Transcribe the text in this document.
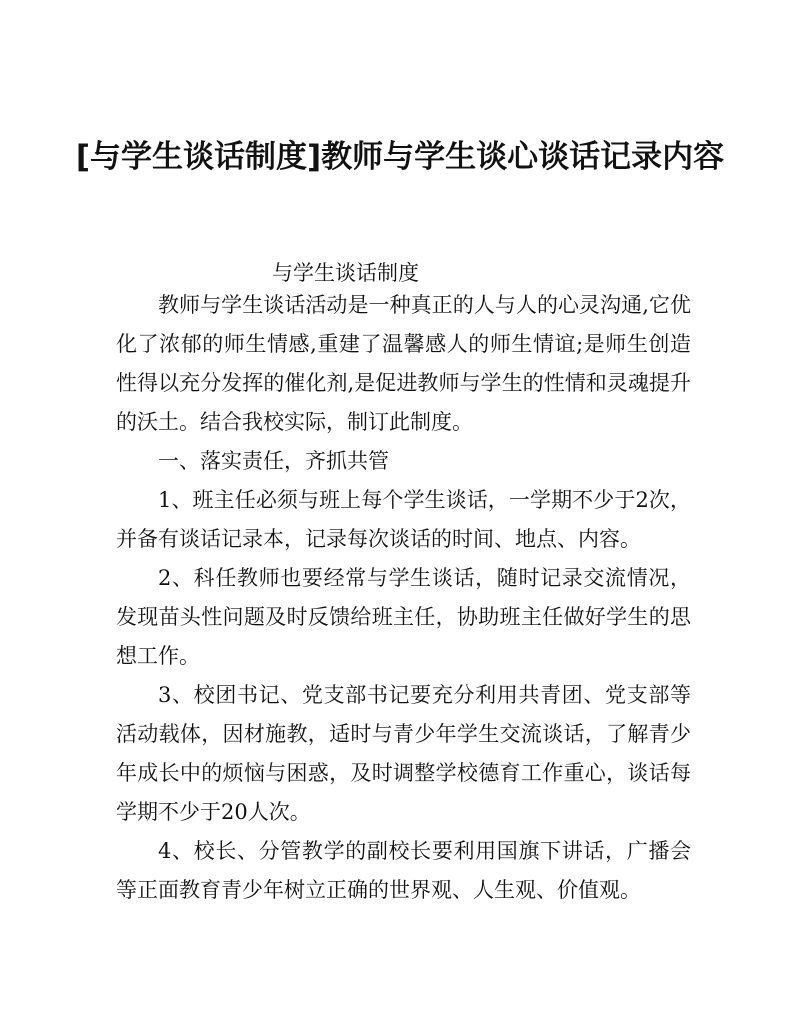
[与学生谈话制度]教师与学生谈心谈话记录内容

与学生谈话制度

教师与学生谈话活动是一种真正的人与人的心灵沟通,它优化了浓郁的师生情感,重建了温馨感人的师生情谊;是师生创造性得以充分发挥的催化剂,是促进教师与学生的性情和灵魂提升的沃土。结合我校实际，制订此制度。

一、落实责任，齐抓共管

1、班主任必须与班上每个学生谈话，一学期不少于2次，并备有谈话记录本，记录每次谈话的时间、地点、内容。

2、科任教师也要经常与学生谈话，随时记录交流情况，发现苗头性问题及时反馈给班主任，协助班主任做好学生的思想工作。

3、校团书记、党支部书记要充分利用共青团、党支部等活动载体，因材施教，适时与青少年学生交流谈话，了解青少年成长中的烦恼与困惑，及时调整学校德育工作重心，谈话每学期不少于20人次。

4、校长、分管教学的副校长要利用国旗下讲话，广播会等正面教育青少年树立正确的世界观、人生观、价值观。
